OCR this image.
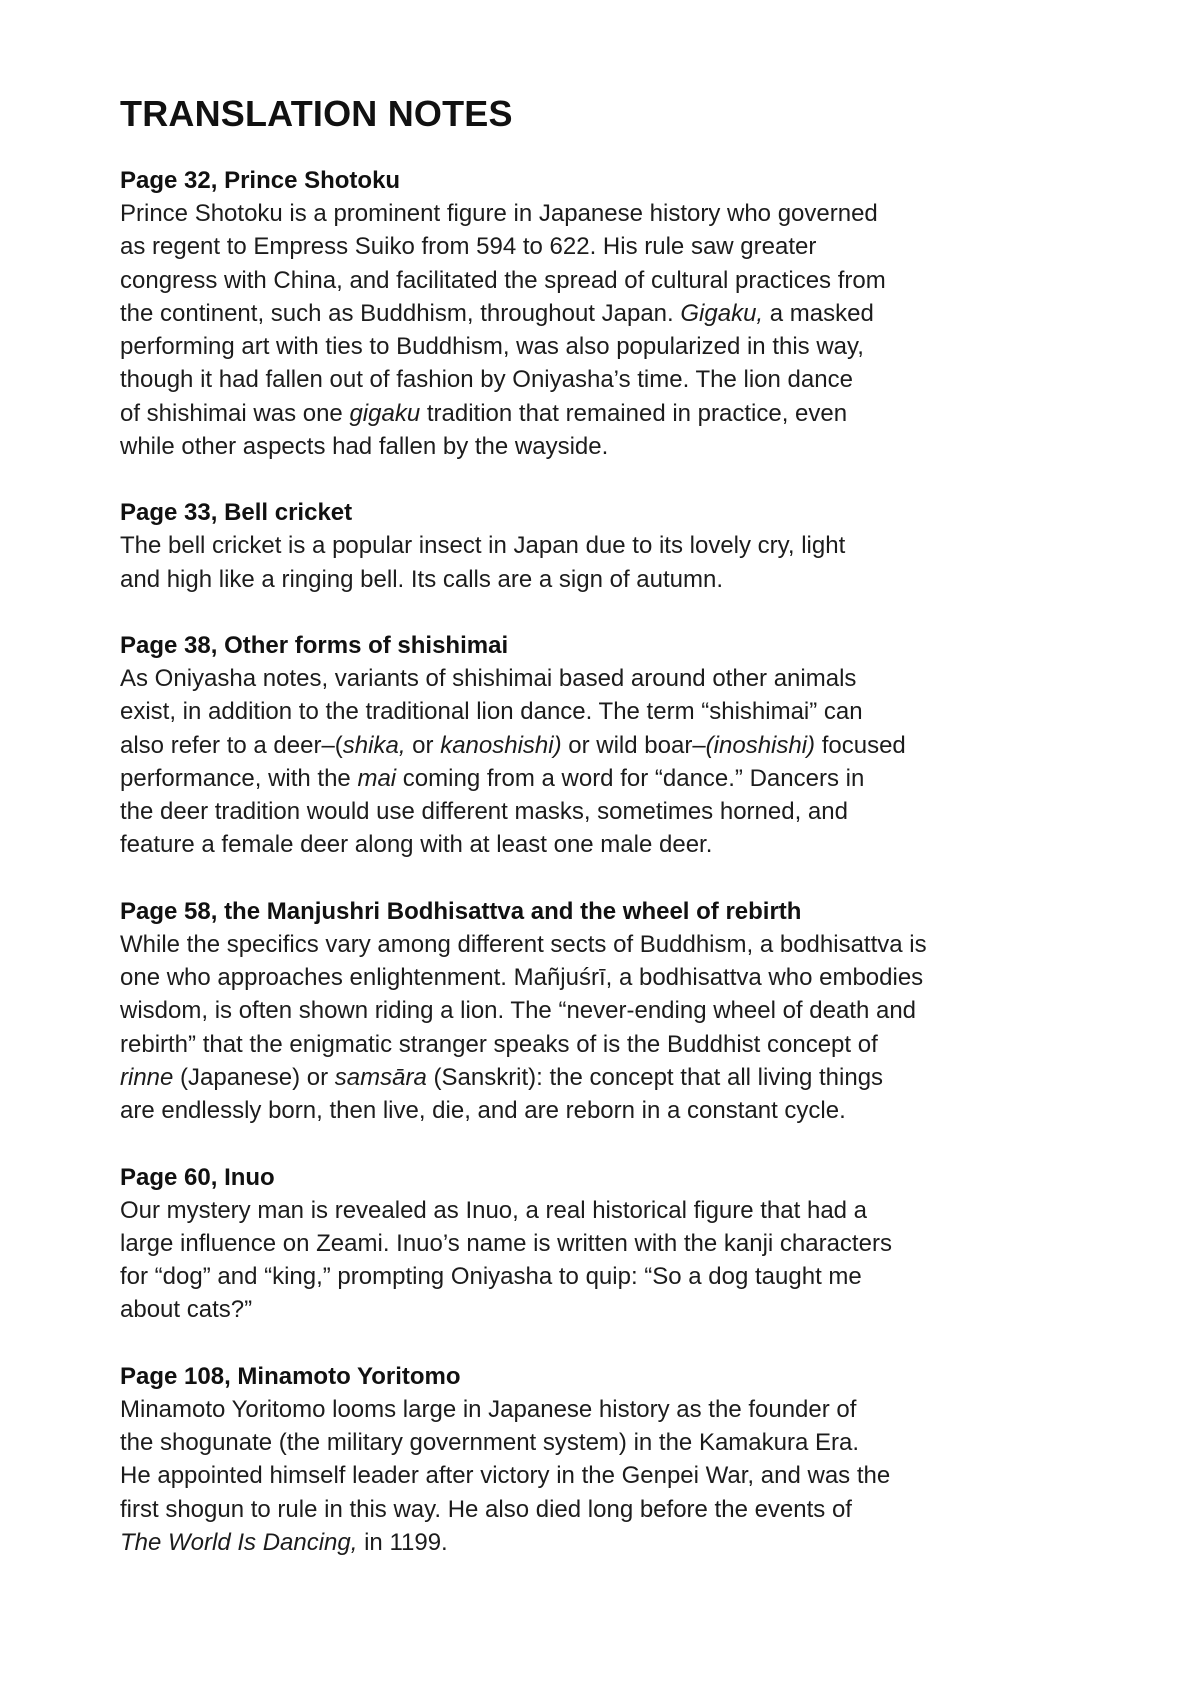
TRANSLATION NOTES
Page 32, Prince Shotoku

Prince Shotoku is a prominent figure in Japanese history who governed
as regent to Empress Suiko from 594 to 622. His rule saw greater
congress with China, and facilitated the spread of cultural practices from
the continent, such as Buddhism, throughout Japan. Gigaku, a masked
performing art with ties to Buddhism, was also popularized in this way,
though it had fallen out of fashion by Oniyasha’s time. The lion dance
of shishimai was one gigaku tradition that remained in practice, even
while other aspects had fallen by the wayside.

Page 33, Bell cricket

The bell cricket is a popular insect in Japan due to its lovely cry, light
and high like a ringing bell. Its calls are a sign of autumn.

Page 38, Other forms of shishimai

As Oniyasha notes, variants of shishimai based around other animals
exist, in addition to the traditional lion dance. The term “shishimai” can
also refer to a deer–(shika, or kanoshishi) or wild boar–(inoshishi) focused
performance, with the mai coming from a word for “dance.” Dancers in
the deer tradition would use different masks, sometimes horned, and
feature a female deer along with at least one male deer.

Page 58, the Manjushri Bodhisattva and the wheel of rebirth

While the specifics vary among different sects of Buddhism, a bodhisattva is
one who approaches enlightenment. Mañjuśrī, a bodhisattva who embodies
wisdom, is often shown riding a lion. The “never-ending wheel of death and
rebirth” that the enigmatic stranger speaks of is the Buddhist concept of
rinne (Japanese) or samsāra (Sanskrit): the concept that all living things
are endlessly born, then live, die, and are reborn in a constant cycle.

Page 60, Inuo

Our mystery man is revealed as Inuo, a real historical figure that had a
large influence on Zeami. Inuo’s name is written with the kanji characters
for “dog” and “king,” prompting Oniyasha to quip: “So a dog taught me
about cats?”

Page 108, Minamoto Yoritomo

Minamoto Yoritomo looms large in Japanese history as the founder of
the shogunate (the military government system) in the Kamakura Era.
He appointed himself leader after victory in the Genpei War, and was the
first shogun to rule in this way. He also died long before the events of
The World Is Dancing, in 1199.
